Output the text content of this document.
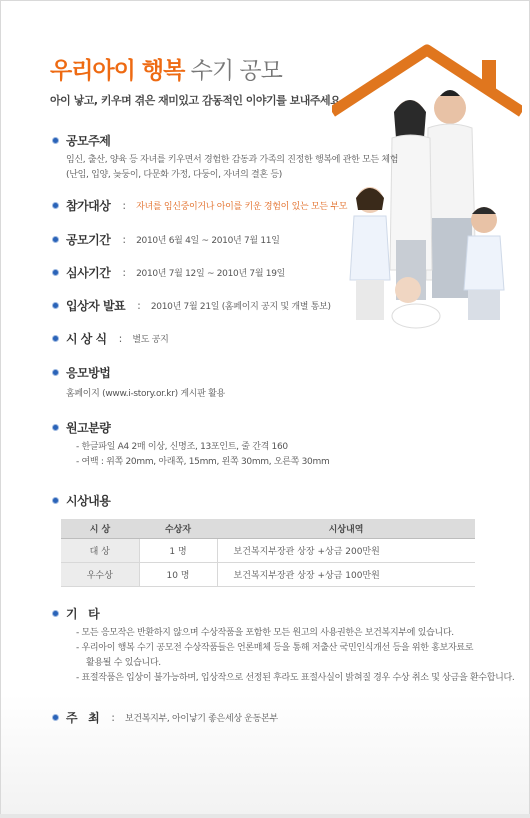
우리아이 행복 수기 공모
아이 낳고, 키우며 겪은 재미있고 감동적인 이야기를 보내주세요
공모주제
임신, 출산, 양육 등 자녀를 키우면서 경험한 감동과 가족의 진정한 행복에 관한 모든 체험
(난임, 입양, 늦둥이, 다문화 가정, 다둥이, 자녀의 결혼 등)
참가대상 : 자녀를 임신중이거나 아이를 키운 경험이 있는 모든 부모
공모기간 : 2010년 6월 4일 ~ 2010년 7월 11일
심사기간 : 2010년 7월 12일 ~ 2010년 7월 19일
입상자 발표 : 2010년 7월 21일 (홈페이지 공지 및 개별 통보)
시 상 식 : 별도 공지
응모방법
홈페이지 (www.i-story.or.kr) 게시판 활용
원고분량
- 한글파일 A4 2매 이상, 신명조, 13포인트, 줄 간격 160
- 여백 : 위쪽 20mm, 아래쪽, 15mm, 왼쪽 30mm, 오른쪽 30mm
시상내용
시 상	수상자	시상내역
대 상	1 명	보건복지부장관 상장 +상금 200만원
우수상	10 명	보건복지부장관 상장 +상금 100만원
기   타
- 모든 응모작은 반환하지 않으며 수상작품을 포함한 모든 원고의 사용권한은 보건복지부에 있습니다.
- 우리아이 행복 수기 공모전 수상작품들은 언론매체 등을 통해 저출산 국민인식개선 등을 위한 홍보자료로
활용될 수 있습니다.
- 표절작품은 입상이 불가능하며, 입상작으로 선정된 후라도 표절사실이 밝혀질 경우 수상 취소 및 상금을 환수합니다.
주   최 : 보건복지부, 아이낳기 좋은세상 운동본부
